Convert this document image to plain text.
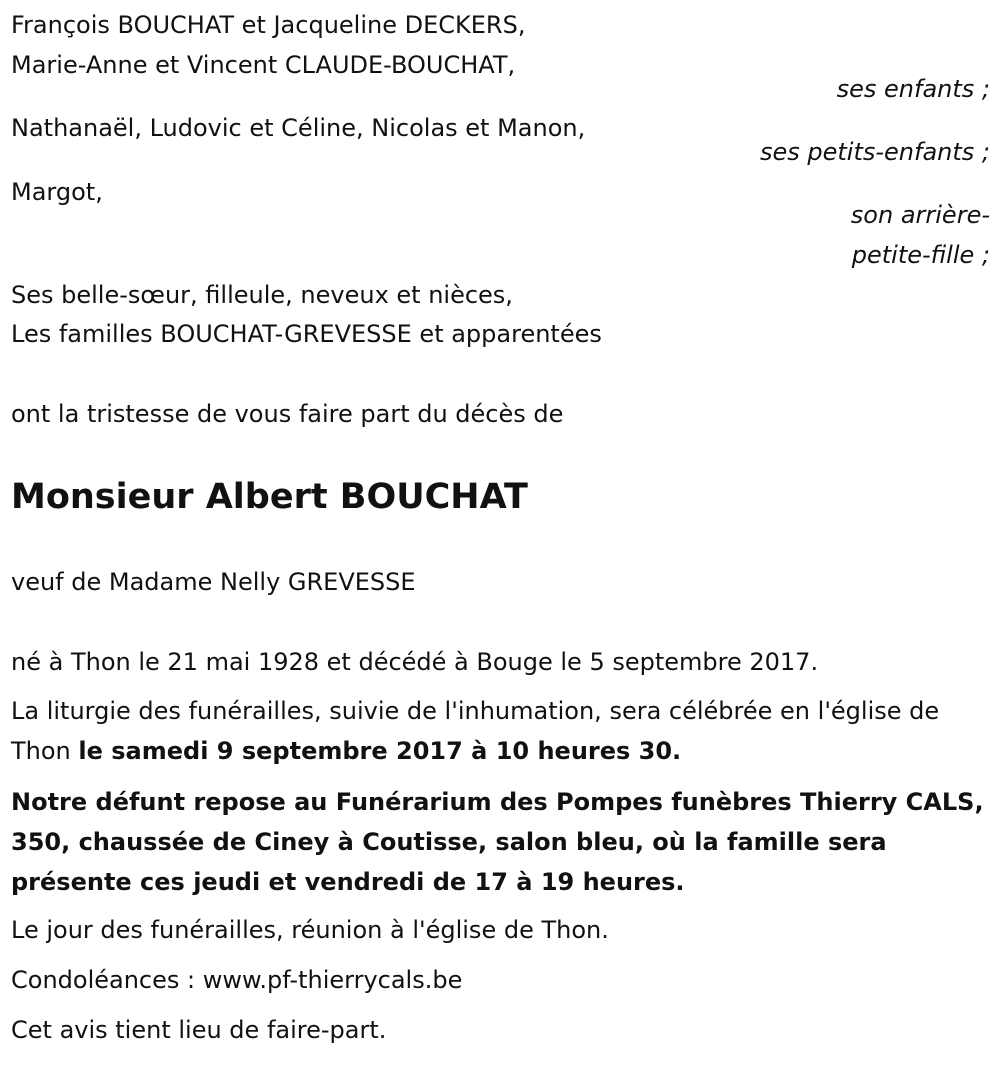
François BOUCHAT et Jacqueline DECKERS,
Marie-Anne et Vincent CLAUDE-BOUCHAT,
ses enfants ;
Nathanaël, Ludovic et Céline, Nicolas et Manon,
ses petits-enfants ;
Margot,
son arrière-
petite-fille ;
Ses belle-sœur, filleule, neveux et nièces,
Les familles BOUCHAT-GREVESSE et apparentées
ont la tristesse de vous faire part du décès de
Monsieur Albert BOUCHAT
veuf de Madame Nelly GREVESSE
né à Thon le 21 mai 1928 et décédé à Bouge le 5 septembre 2017.
La liturgie des funérailles, suivie de l'inhumation, sera célébrée en l'église de Thon le samedi 9 septembre 2017 à 10 heures 30.
Notre défunt repose au Funérarium des Pompes funèbres Thierry CALS, 350, chaussée de Ciney à Coutisse, salon bleu, où la famille sera présente ces jeudi et vendredi de 17 à 19 heures.
Le jour des funérailles, réunion à l'église de Thon.
Condoléances : www.pf-thierrycals.be
Cet avis tient lieu de faire-part.
